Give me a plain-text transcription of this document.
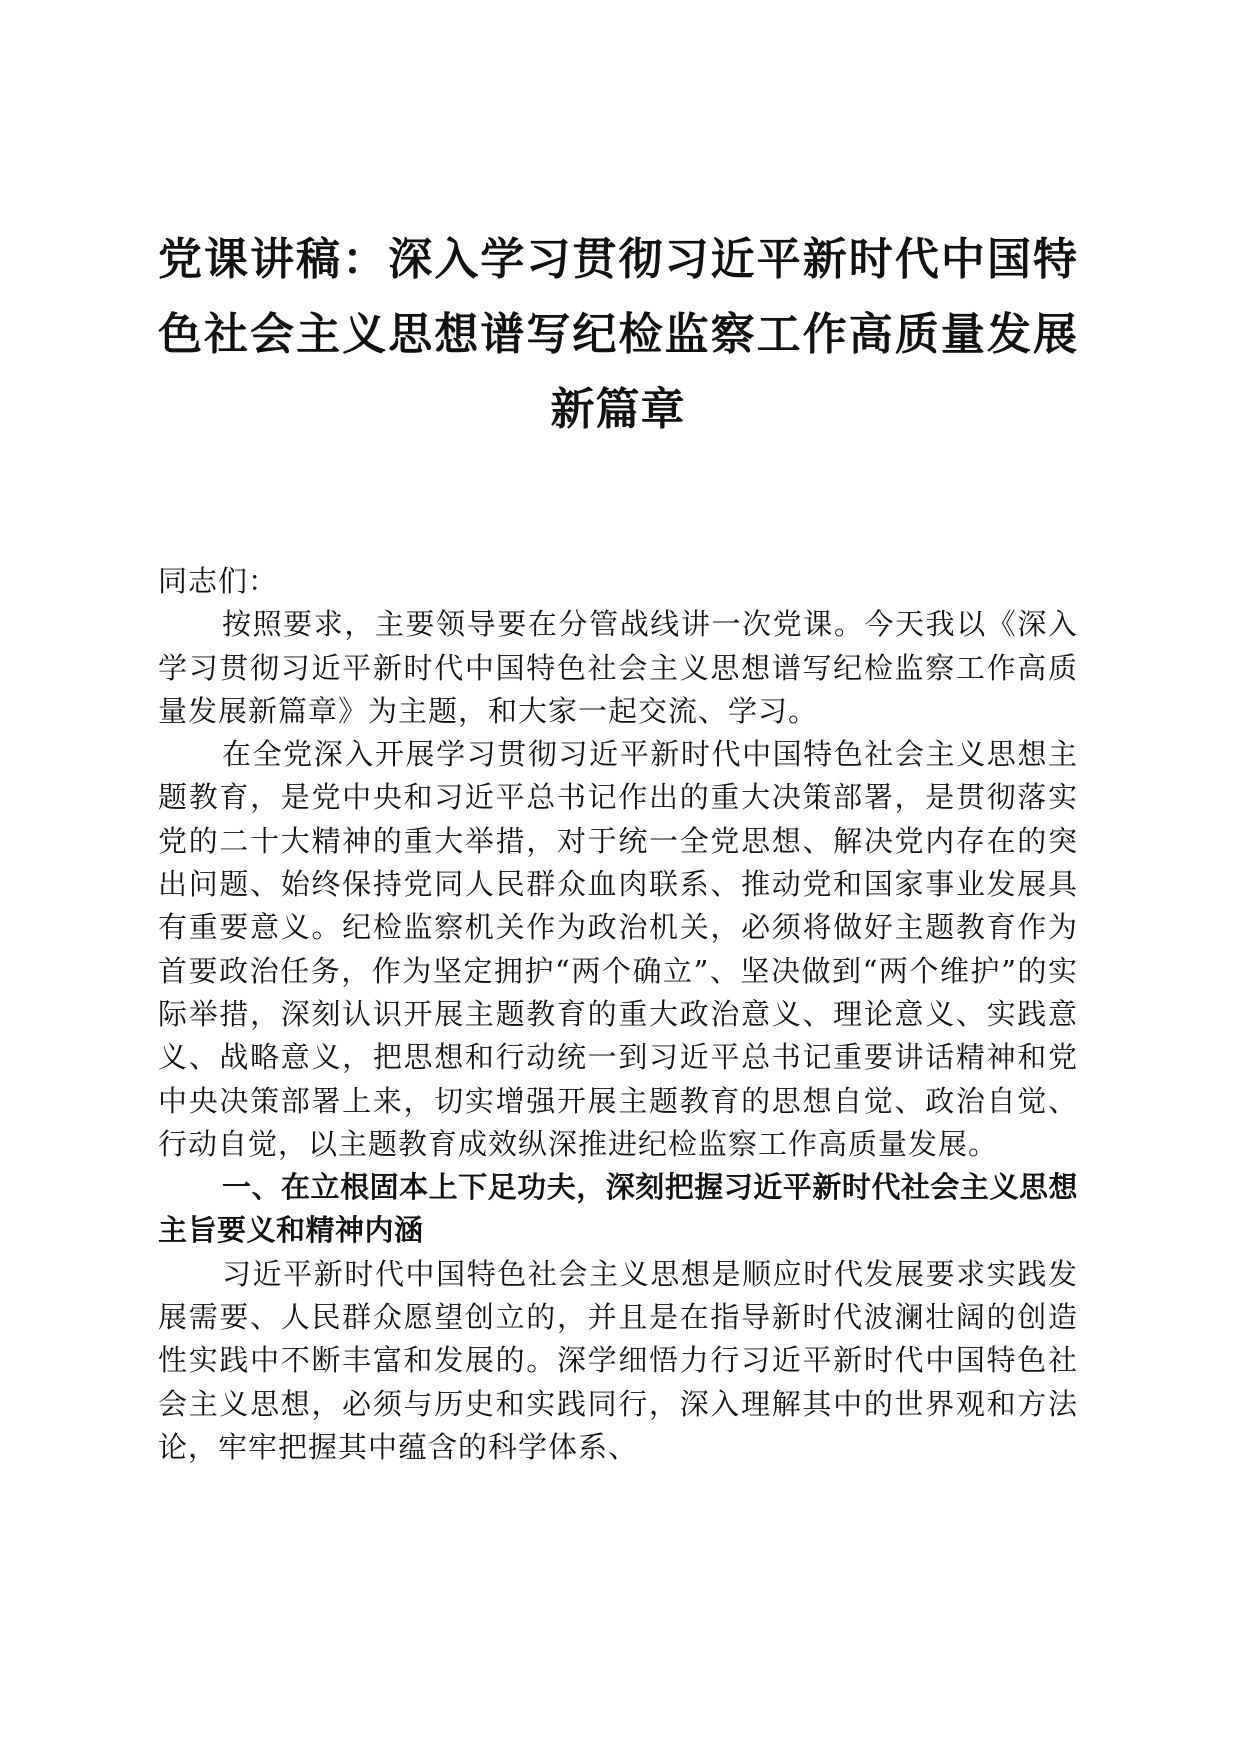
党课讲稿：深入学习贯彻习近平新时代中国特
色社会主义思想谱写纪检监察工作高质量发展
新篇章

同志们：

按照要求，主要领导要在分管战线讲一次党课。今天我以《深入学习贯彻习近平新时代中国特色社会主义思想谱写纪检监察工作高质量发展新篇章》为主题，和大家一起交流、学习。

在全党深入开展学习贯彻习近平新时代中国特色社会主义思想主题教育，是党中央和习近平总书记作出的重大决策部署，是贯彻落实党的二十大精神的重大举措，对于统一全党思想、解决党内存在的突出问题、始终保持党同人民群众血肉联系、推动党和国家事业发展具有重要意义。纪检监察机关作为政治机关，必须将做好主题教育作为首要政治任务，作为坚定拥护“两个确立”、坚决做到“两个维护”的实际举措，深刻认识开展主题教育的重大政治意义、理论意义、实践意义、战略意义，把思想和行动统一到习近平总书记重要讲话精神和党中央决策部署上来，切实增强开展主题教育的思想自觉、政治自觉、行动自觉，以主题教育成效纵深推进纪检监察工作高质量发展。

一、在立根固本上下足功夫，深刻把握习近平新时代社会主义思想主旨要义和精神内涵

习近平新时代中国特色社会主义思想是顺应时代发展要求实践发展需要、人民群众愿望创立的，并且是在指导新时代波澜壮阔的创造性实践中不断丰富和发展的。深学细悟力行习近平新时代中国特色社会主义思想，必须与历史和实践同行，深入理解其中的世界观和方法论，牢牢把握其中蕴含的科学体系、
